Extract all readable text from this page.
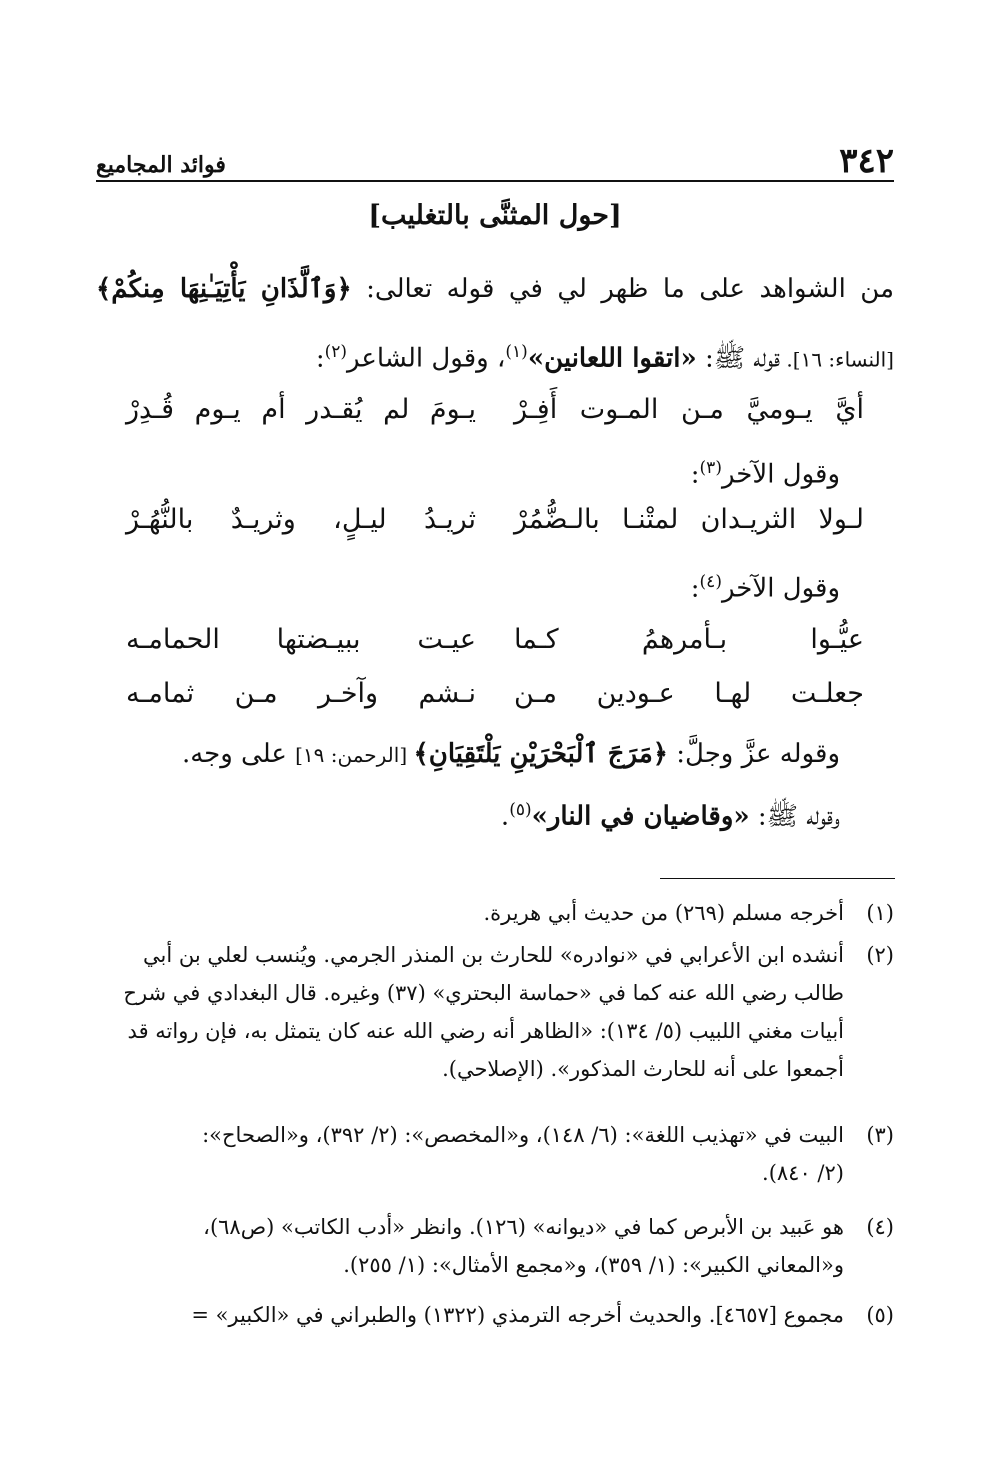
٣٤٢
فوائد المجاميع
[حول المثنَّى بالتغليب]
من الشواهد على ما ظهر لي في قوله تعالى: ﴿وَٱلَّذَانِ يَأْتِيَـٰنِهَا مِنكُمْ﴾ [النساء: ١٦]. قوله ﷺ: «اتقوا اللعانين»$^{(١)}$، وقول الشاعر$^{(٢)}$:
أيَّ يـوميَّ مـن المـوت أَفِـرْ
يـومَ لم يُقـدر أم يـوم قُـدِرْ
وقول الآخر$^{(٣)}$:
لـولا الثريـدان لمتْنـا بالـضُّمُرْ
ثريـدُ ليـلٍ، وثريـدٌ بالنُّهُـرْ
وقول الآخر$^{(٤)}$:
عيُّـوا بـأمرهمُ كـما
عيـت ببيـضتها الحمامـه
جعلـت لهـا عـودين مـن
نـشم وآخـر مـن ثمامـه
وقوله عزَّ وجلَّ: ﴿مَرَجَ ٱلْبَحْرَيْنِ يَلْتَقِيَانِ﴾ [الرحمن: ١٩] على وجه.
وقوله ﷺ: «وقاضيان في النار»$^{(٥)}$.
(١)
أخرجه مسلم (٢٦٩) من حديث أبي هريرة.
(٢)
أنشده ابن الأعرابي في «نوادره» للحارث بن المنذر الجرمي. ويُنسب لعلي بن أبي
طالب رضي الله عنه كما في «حماسة البحتري» (٣٧) وغيره. قال البغدادي في شرح
أبيات مغني اللبيب (٥/ ١٣٤): «الظاهر أنه رضي الله عنه كان يتمثل به، فإن رواته قد
أجمعوا على أنه للحارث المذكور». (الإصلاحي).
(٣)
البيت في «تهذيب اللغة»: (٦/ ١٤٨)، و«المخصص»: (٢/ ٣٩٢)، و«الصحاح»:
(٢/ ٨٤٠).
(٤)
هو عَبيد بن الأبرص كما في «ديوانه» (١٢٦). وانظر «أدب الكاتب» (ص٦٨)،
و«المعاني الكبير»: (١/ ٣٥٩)، و«مجمع الأمثال»: (١/ ٢٥٥).
(٥)
مجموع [٤٦٥٧]. والحديث أخرجه الترمذي (١٣٢٢) والطبراني في «الكبير» =
